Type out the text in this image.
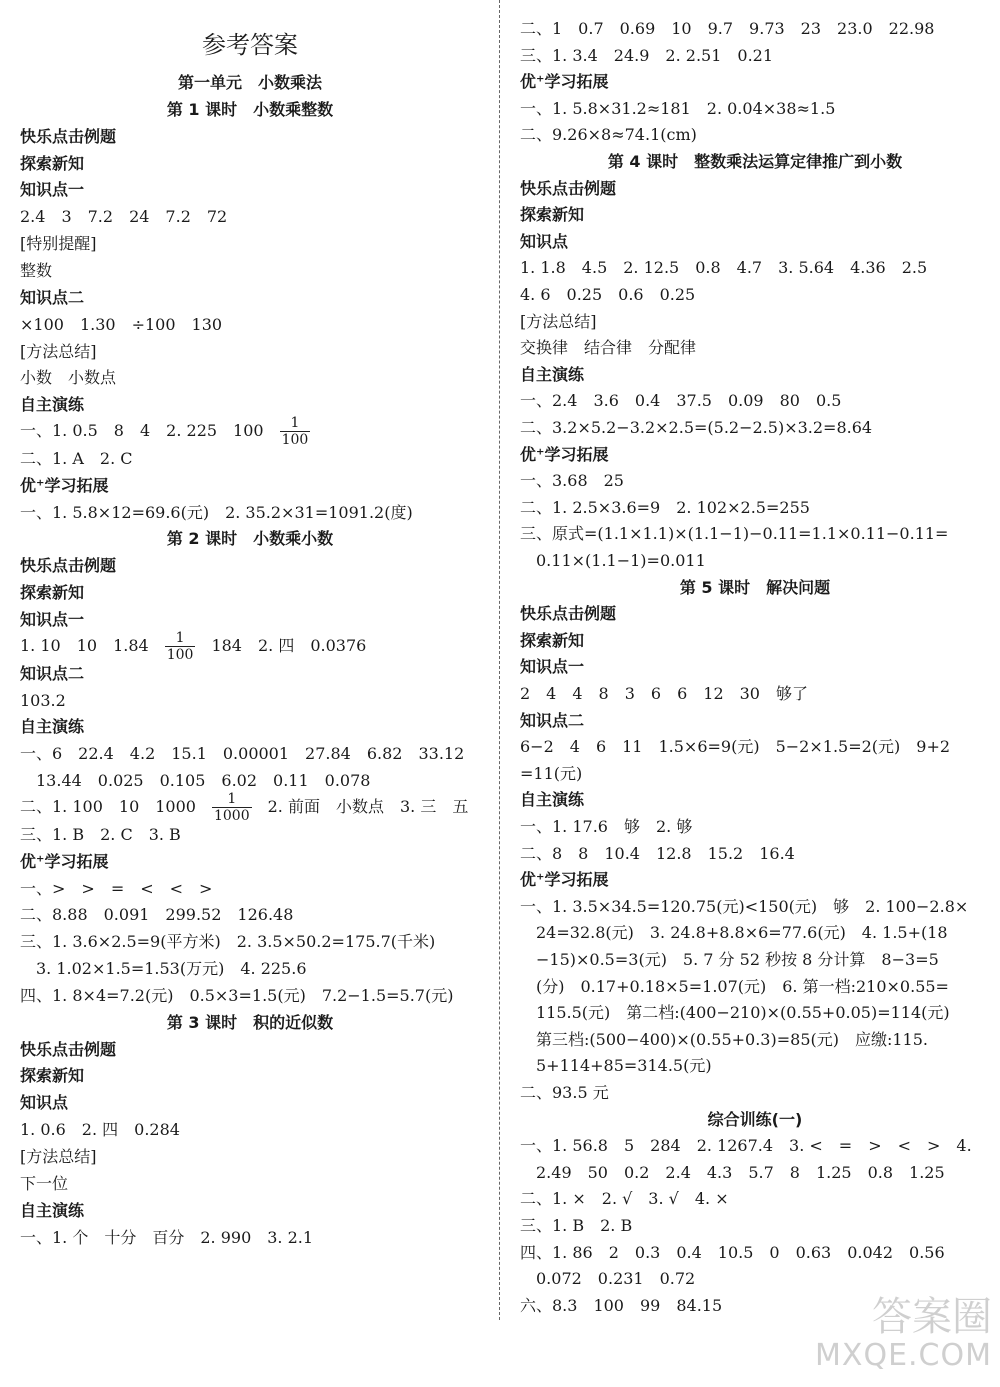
参考答案
第一单元　小数乘法
第 1 课时　小数乘整数
快乐点击例题
探索新知
知识点一
2.4　3　7.2　24　7.2　72
[特别提醒]
整数
知识点二
×100　1.30　÷100　130
[方法总结]
小数　小数点
自主演练
一、1. 0.5　8　4　2. 225　100　 $\frac{1}{100}$
二、1. A　2. C
优⁺学习拓展
一、1. 5.8×12=69.6(元)　2. 35.2×31=1091.2(度)
第 2 课时　小数乘小数
快乐点击例题
探索新知
知识点一
1. 10　10　1.84　 $\frac{1}{100}$ 　184　2. 四　0.0376
知识点二
103.2
自主演练
一、6　22.4　4.2　15.1　0.00001　27.84　6.82　33.12
　13.44　0.025　0.105　6.02　0.11　0.078
二、1. 100　10　1000　 $\frac{1}{1000}$ 　2. 前面　小数点　3. 三　五
三、1. B　2. C　3. B
优⁺学习拓展
一、>　>　=　<　<　>
二、8.88　0.091　299.52　126.48
三、1. 3.6×2.5=9(平方米)　2. 3.5×50.2=175.7(千米)
　3. 1.02×1.5=1.53(万元)　4. 225.6
四、1. 8×4=7.2(元)　0.5×3=1.5(元)　7.2−1.5=5.7(元)
第 3 课时　积的近似数
快乐点击例题
探索新知
知识点
1. 0.6　2. 四　0.284
[方法总结]
下一位
自主演练
一、1. 个　十分　百分　2. 990　3. 2.1
二、1　0.7　0.69　10　9.7　9.73　23　23.0　22.98
三、1. 3.4　24.9　2. 2.51　0.21
优⁺学习拓展
一、1. 5.8×31.2≈181　2. 0.04×38≈1.5
二、9.26×8≈74.1(cm)
第 4 课时　整数乘法运算定律推广到小数
快乐点击例题
探索新知
知识点
1. 1.8　4.5　2. 12.5　0.8　4.7　3. 5.64　4.36　2.5
4. 6　0.25　0.6　0.25
[方法总结]
交换律　结合律　分配律
自主演练
一、2.4　3.6　0.4　37.5　0.09　80　0.5
二、3.2×5.2−3.2×2.5=(5.2−2.5)×3.2=8.64
优⁺学习拓展
一、3.68　25
二、1. 2.5×3.6=9　2. 102×2.5=255
三、原式=(1.1×1.1)×(1.1−1)−0.11=1.1×0.11−0.11=
　0.11×(1.1−1)=0.011
第 5 课时　解决问题
快乐点击例题
探索新知
知识点一
2　4　4　8　3　6　6　12　30　够了
知识点二
6−2　4　6　11　1.5×6=9(元)　5−2×1.5=2(元)　9+2
=11(元)
自主演练
一、1. 17.6　够　2. 够
二、8　8　10.4　12.8　15.2　16.4
优⁺学习拓展
一、1. 3.5×34.5=120.75(元)<150(元)　够　2. 100−2.8×
　24=32.8(元)　3. 24.8+8.8×6=77.6(元)　4. 1.5+(18
　−15)×0.5=3(元)　5. 7 分 52 秒按 8 分计算　8−3=5
　(分)　0.17+0.18×5=1.07(元)　6. 第一档:210×0.55=
　115.5(元)　第二档:(400−210)×(0.55+0.05)=114(元)
　第三档:(500−400)×(0.55+0.3)=85(元)　应缴:115.
　5+114+85=314.5(元)
二、93.5 元
综合训练(一)
一、1. 56.8　5　284　2. 1267.4　3. <　=　>　<　>　4.
　2.49　50　0.2　2.4　4.3　5.7　8　1.25　0.8　1.25
二、1. ×　2. √　3. √　4. ×
三、1. B　2. B
四、1. 86　2　0.3　0.4　10.5　0　0.63　0.042　0.56
　0.072　0.231　0.72
六、8.3　100　99　84.15	答案圈
MXQE.COM
